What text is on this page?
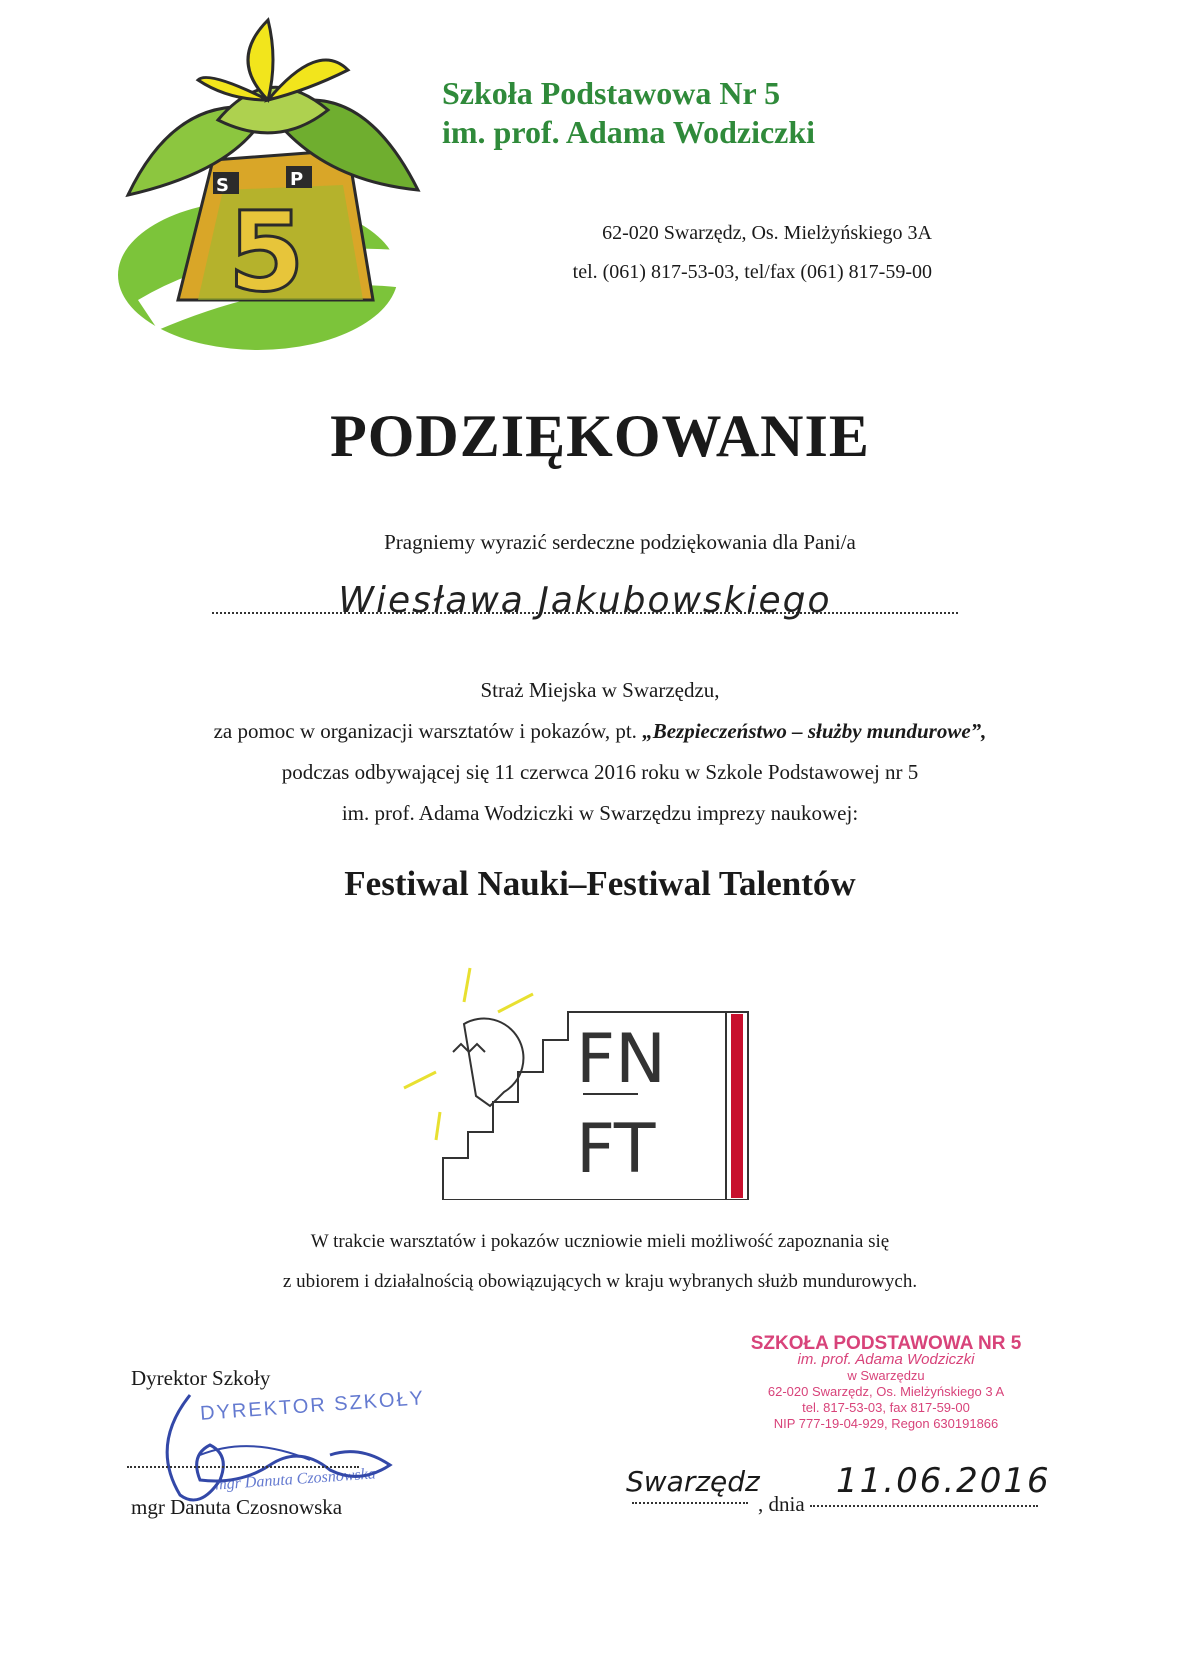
S	P
5
Szkoła Podstawowa Nr 5
im. prof. Adama Wodziczki
62-020 Swarzędz, Os. Mielżyńskiego 3A
tel. (061) 817-53-03, tel/fax (061) 817-59-00
PODZIĘKOWANIE
Pragniemy wyrazić serdeczne podziękowania dla Pani/a
Wiesława Jakubowskiego
Straż Miejska w Swarzędzu,
za pomoc w organizacji warsztatów i pokazów, pt. „Bezpieczeństwo – służby mundurowe”,
podczas odbywającej się 11 czerwca 2016 roku w Szkole Podstawowej nr 5
im. prof. Adama Wodziczki w Swarzędzu imprezy naukowej:
Festiwal Nauki–Festiwal Talentów
FN
FT
W trakcie warsztatów i pokazów uczniowie mieli możliwość zapoznania się
z ubiorem i działalnością obowiązujących w kraju wybranych służb mundurowych.
Dyrektor Szkoły
DYREKTOR SZKOŁY
mgr Danuta Czosnowska
mgr Danuta Czosnowska
SZKOŁA PODSTAWOWA NR 5
im. prof. Adama Wodziczki
w Swarzędzu
62-020 Swarzędz, Os. Mielżyńskiego 3 A
tel. 817-53-03, fax 817-59-00
NIP 777-19-04-929, Regon 630191866
Swarzędz
, dnia
11.06.2016
